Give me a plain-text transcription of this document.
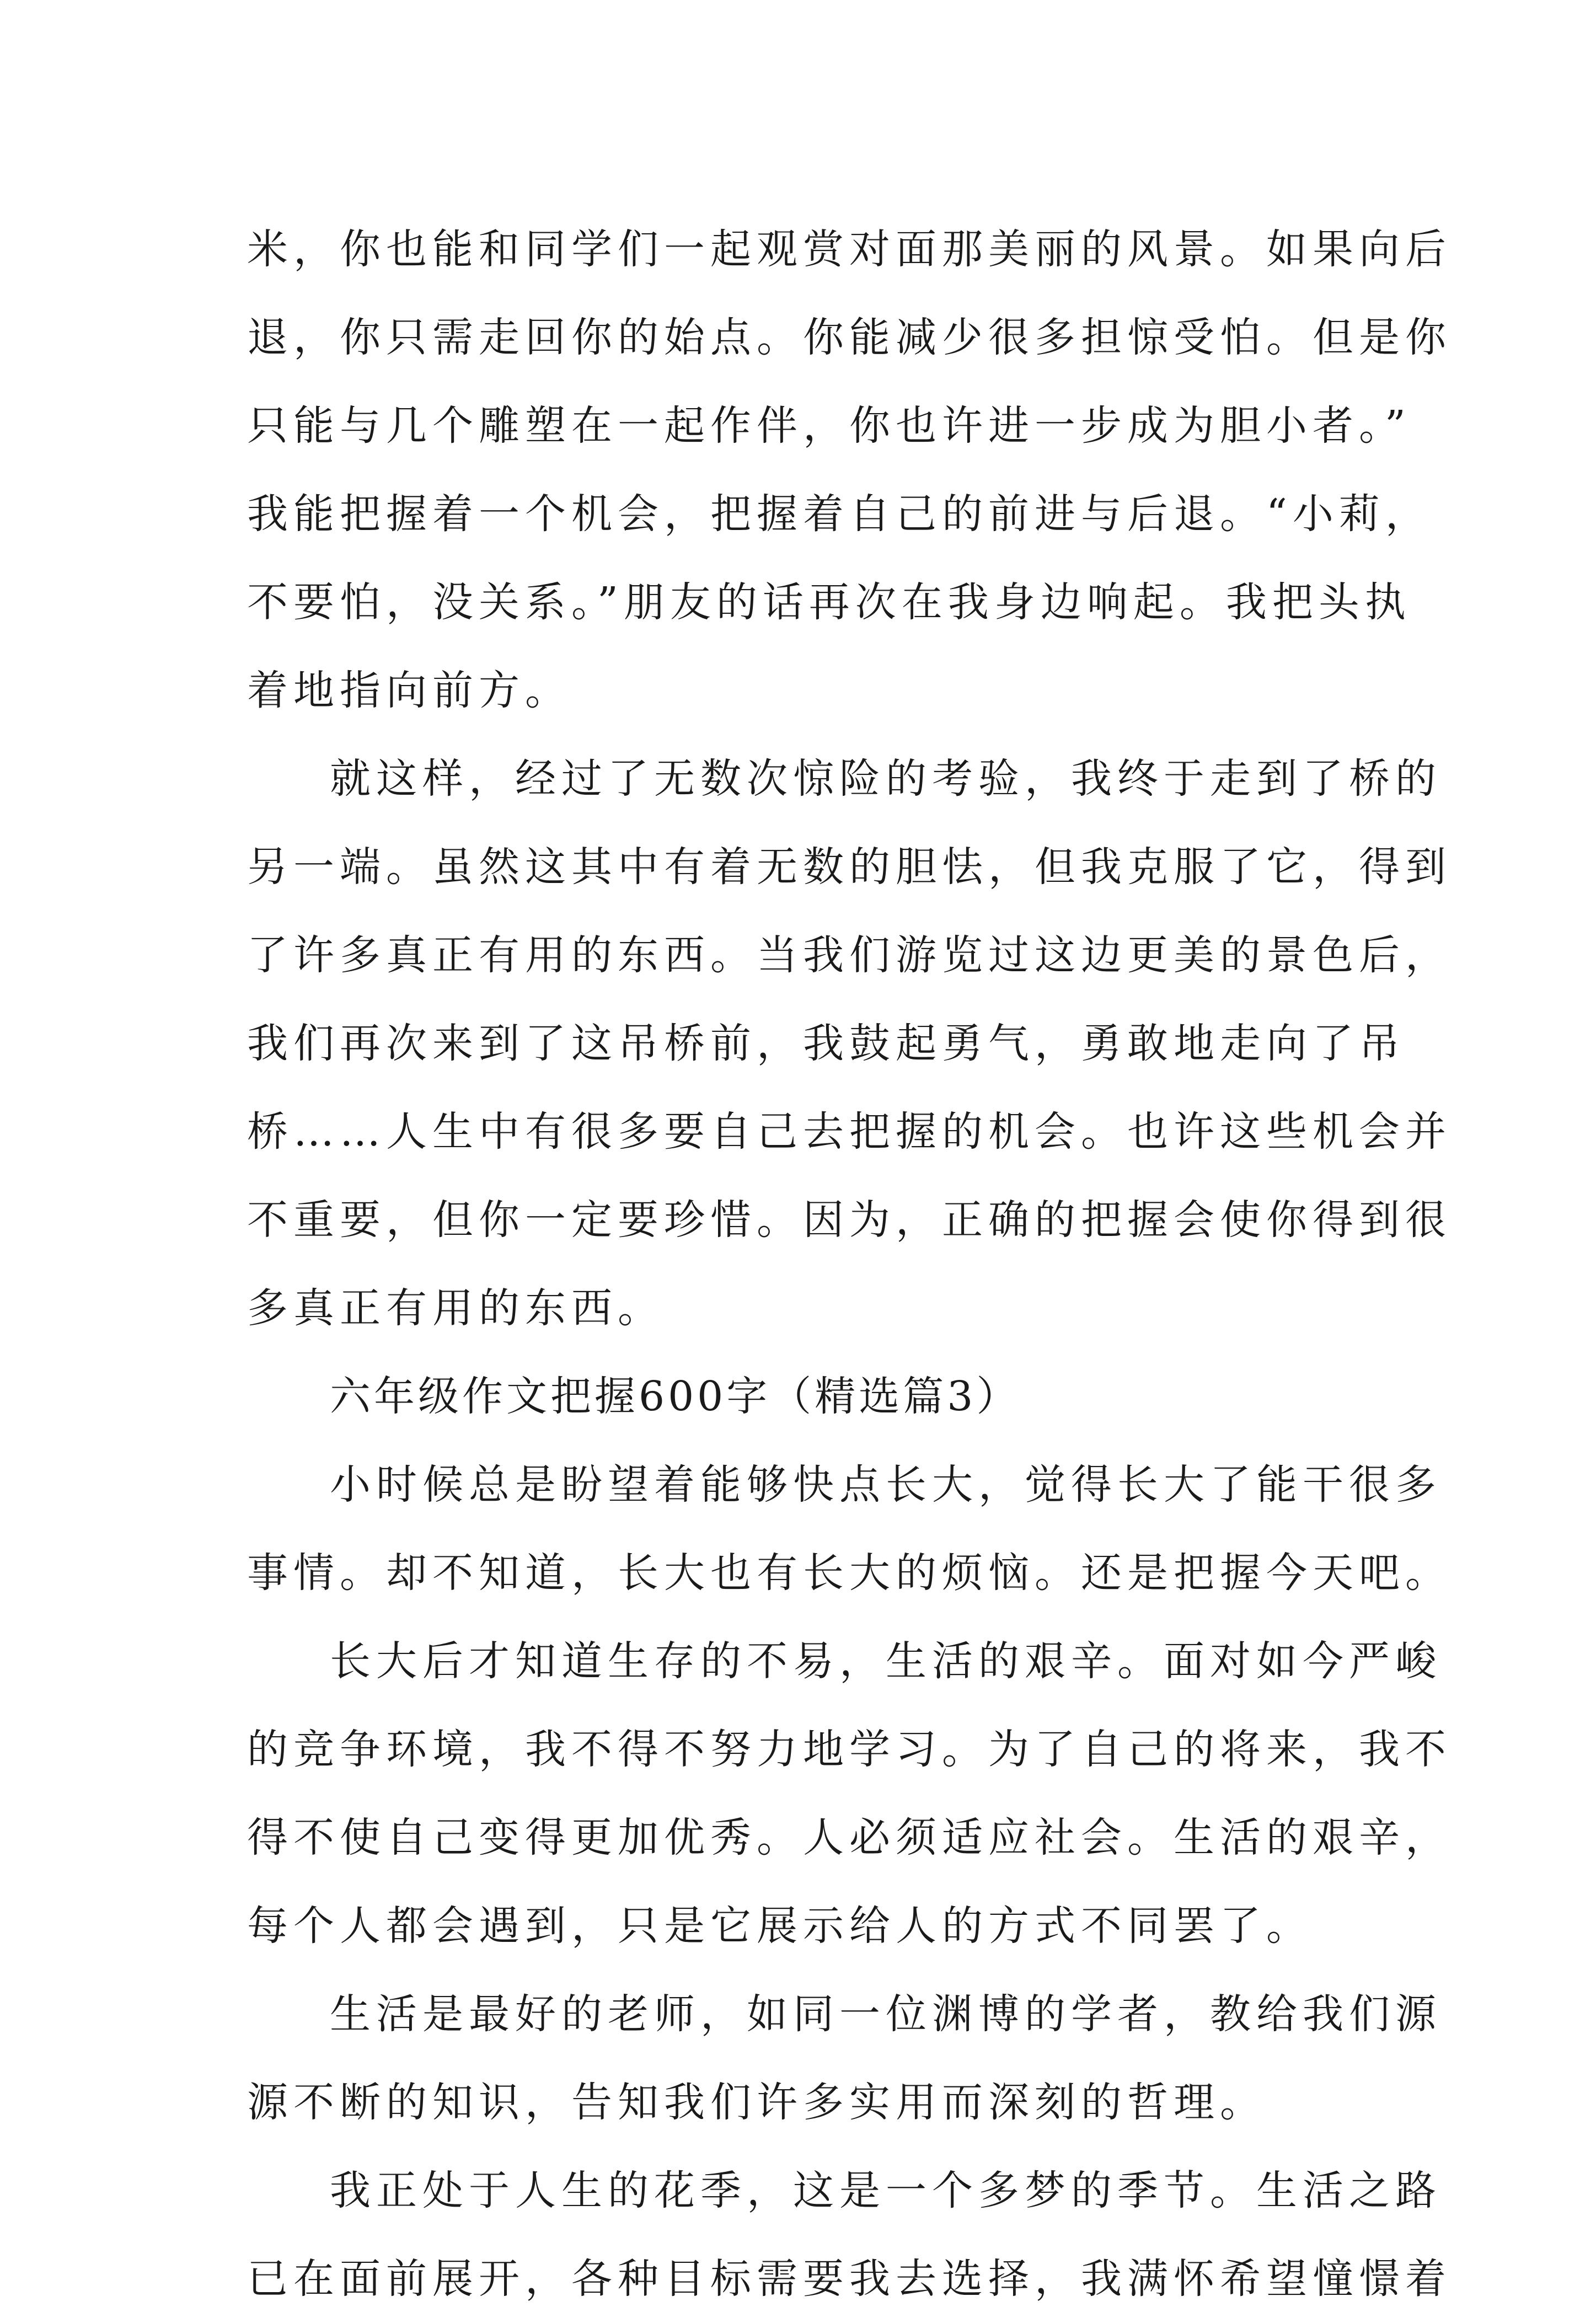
米，你也能和同学们一起观赏对面那美丽的风景。如果向后
退，你只需走回你的始点。你能减少很多担惊受怕。但是你
只能与几个雕塑在一起作伴，你也许进一步成为胆小者。”
我能把握着一个机会，把握着自己的前进与后退。“小莉，
不要怕，没关系。”朋友的话再次在我身边响起。我把头执
着地指向前方。
就这样，经过了无数次惊险的考验，我终于走到了桥的
另一端。虽然这其中有着无数的胆怯，但我克服了它，得到
了许多真正有用的东西。当我们游览过这边更美的景色后，
我们再次来到了这吊桥前，我鼓起勇气，勇敢地走向了吊
桥……人生中有很多要自己去把握的机会。也许这些机会并
不重要，但你一定要珍惜。因为，正确的把握会使你得到很
多真正有用的东西。
六年级作文把握600字（精选篇3）
小时候总是盼望着能够快点长大，觉得长大了能干很多
事情。却不知道，长大也有长大的烦恼。还是把握今天吧。
长大后才知道生存的不易，生活的艰辛。面对如今严峻
的竞争环境，我不得不努力地学习。为了自己的将来，我不
得不使自己变得更加优秀。人必须适应社会。生活的艰辛，
每个人都会遇到，只是它展示给人的方式不同罢了。
生活是最好的老师，如同一位渊博的学者，教给我们源
源不断的知识，告知我们许多实用而深刻的哲理。
我正处于人生的花季，这是一个多梦的季节。生活之路
已在面前展开，各种目标需要我去选择，我满怀希望憧憬着
